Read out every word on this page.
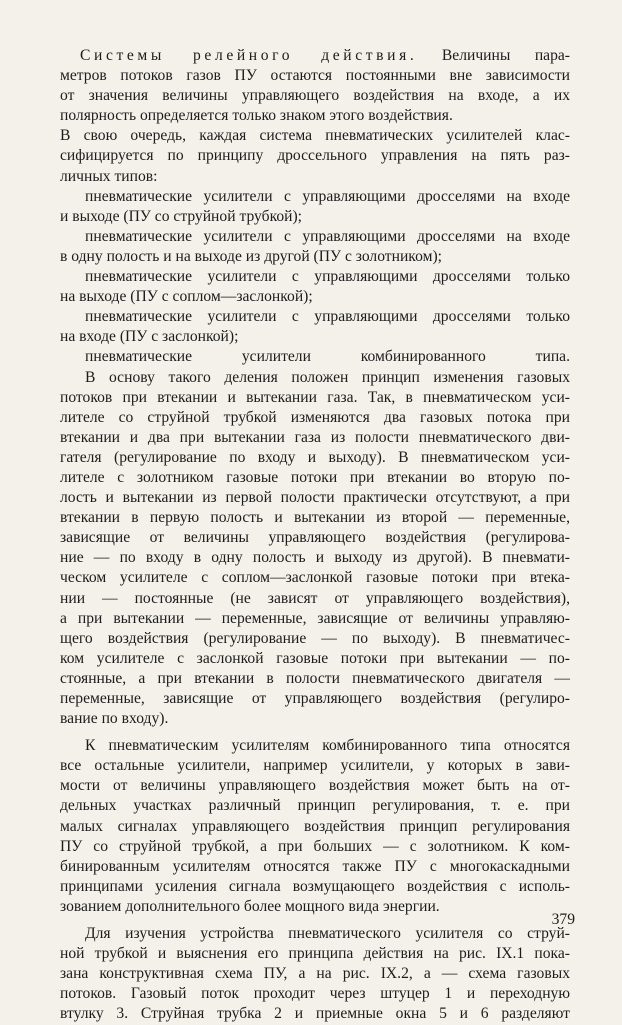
Системы релейного действия. Величины пара-
метров потоков газов ПУ остаются постоянными вне зависимости
от значения величины управляющего воздействия на входе, а их
полярность определяется только знаком этого воздействия.
В свою очередь, каждая система пневматических усилителей клас-
сифицируется по принципу дроссельного управления на пять раз-
личных типов:
пневматические усилители с управляющими дросселями на входе
и выходе (ПУ со струйной трубкой);
пневматические усилители с управляющими дросселями на входе
в одну полость и на выходе из другой (ПУ с золотником);
пневматические усилители с управляющими дросселями только
на выходе (ПУ с соплом—заслонкой);
пневматические усилители с управляющими дросселями только
на входе (ПУ с заслонкой);
пневматические усилители комбинированного типа.
В основу такого деления положен принцип изменения газовых
потоков при втекании и вытекании газа. Так, в пневматическом уси-
лителе со струйной трубкой изменяются два газовых потока при
втекании и два при вытекании газа из полости пневматического дви-
гателя (регулирование по входу и выходу). В пневматическом уси-
лителе с золотником газовые потоки при втекании во вторую по-
лость и вытекании из первой полости практически отсутствуют, а при
втекании в первую полость и вытекании из второй — переменные,
зависящие от величины управляющего воздействия (регулирова-
ние — по входу в одну полость и выходу из другой). В пневмати-
ческом усилителе с соплом—заслонкой газовые потоки при втека-
нии — постоянные (не зависят от управляющего воздействия),
а при вытекании — переменные, зависящие от величины управляю-
щего воздействия (регулирование — по выходу). В пневматичес-
ком усилителе с заслонкой газовые потоки при вытекании — по-
стоянные, а при втекании в полости пневматического двигателя —
переменные, зависящие от управляющего воздействия (регулиро-
вание по входу).
К пневматическим усилителям комбинированного типа относятся
все остальные усилители, например усилители, у которых в зави-
мости от величины управляющего воздействия может быть на от-
дельных участках различный принцип регулирования, т. е. при
малых сигналах управляющего воздействия принцип регулирования
ПУ со струйной трубкой, а при больших — с золотником. К ком-
бинированным усилителям относятся также ПУ с многокаскадными
принципами усиления сигнала возмущающего воздействия с исполь-
зованием дополнительного более мощного вида энергии.
Для изучения устройства пневматического усилителя со струй-
ной трубкой и выяснения его принципа действия на рис. IX.1 пока-
зана конструктивная схема ПУ, а на рис. IX.2, а — схема газовых
потоков. Газовый поток проходит через штуцер 1 и переходную
втулку 3. Струйная трубка 2 и приемные окна 5 и 6 разделяют
379
